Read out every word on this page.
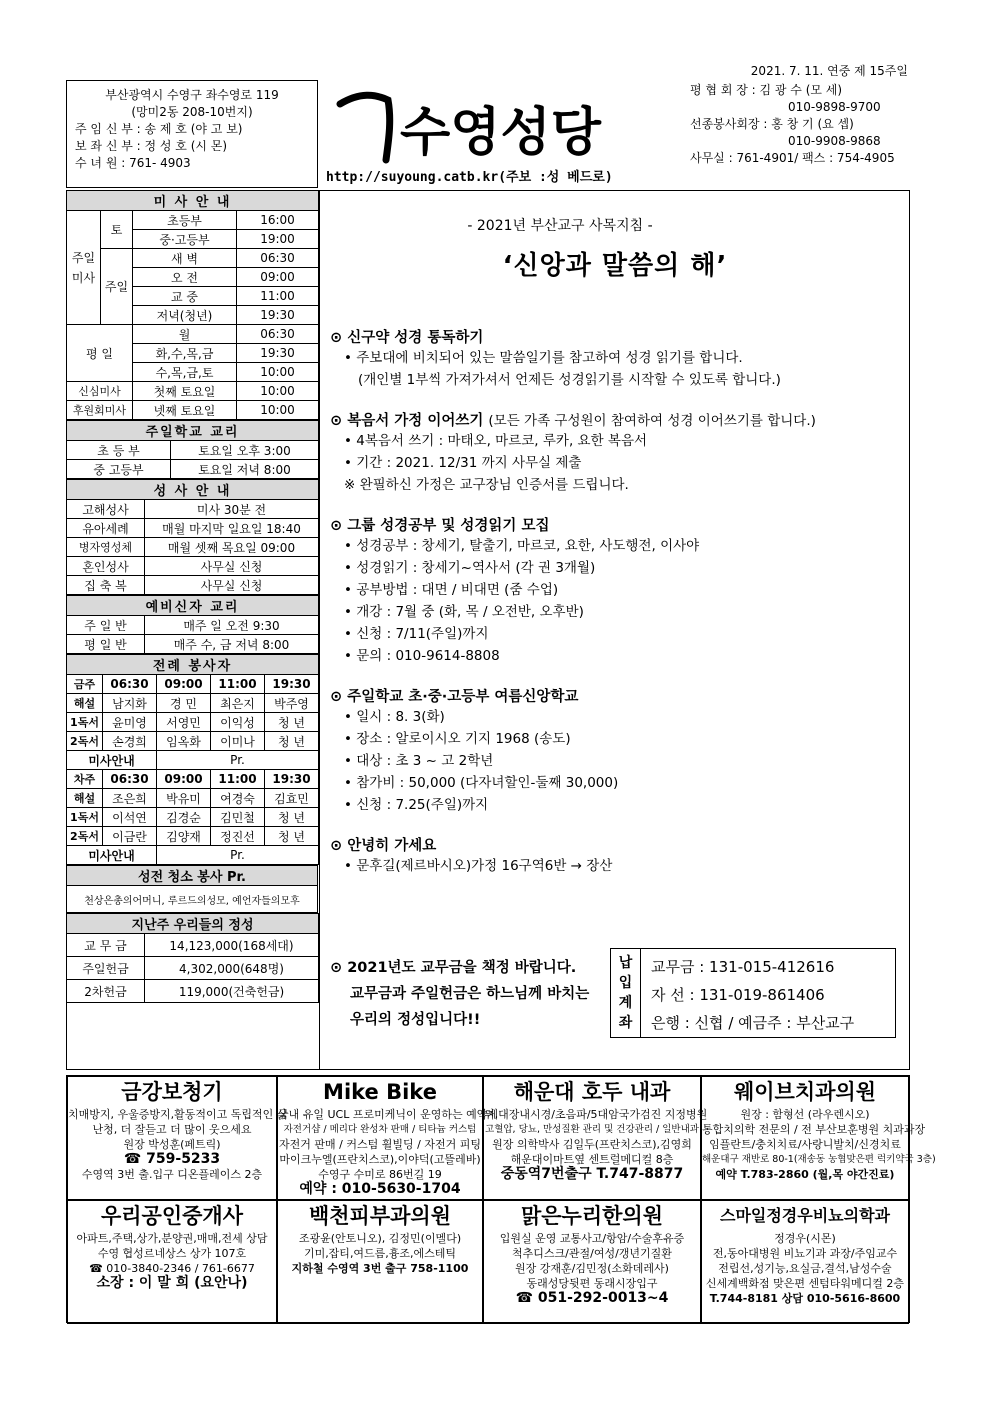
2021. 7. 11. 연중 제 15주일
부산광역시 수영구 좌수영로 119
(망미2동 208-10번지)
주 임 신 부 : 송 제 호 (야 고 보)
보 좌 신 부 : 정 성 호 (시 몬)
수 녀 원 : 761- 4903	수영성당
http://suyoung.catb.kr(주보 :성 베드로)
평 협 회 장 : 김 광 수 (모 세)
010-9898-9700
선종봉사회장 : 홍 창 기 (요 셉)
010-9908-9868
사무실 : 761-4901/ 팩스 : 754-4905
미 사 안 내			
주일미사	토	초등부	16:00
		중·고등부	19:00
	주일	새 벽	06:30
		오 전	09:00
		교 중	11:00
		저녁(청년)	19:30
평 일		월	06:30
		화,수,목,금	19:30
		수,목,금,토	10:00
신심미사		첫째 토요일	10:00
후원회미사		넷째 토요일	10:00
주일학교 교리	
초 등 부	토요일 오후 3:00
중 고등부	토요일 저녁 8:00
성 사 안 내	
고해성사	미사 30분 전
유아세례	매월 마지막 일요일 18:40
병자영성체	매월 셋째 목요일 09:00
혼인성사	사무실 신청
집 축 복	사무실 신청
예비신자 교리	
주 일 반	매주 일 오전 9:30
평 일 반	매주 수, 금 저녁 8:00
전례 봉사자				
금주	06:30	09:00	11:00	19:30
해설	남지화	경 민	최은지	박주영
1독서	윤미영	서영민	이익성	청 년
2독서	손경희	임옥화	이미나	청 년
미사안내		Pr.		
차주	06:30	09:00	11:00	19:30
해설	조은희	박유미	여경숙	김효민
1독서	이석연	김경순	김민철	청 년
2독서	이금란	김양재	정진선	청 년
미사안내		Pr.		
성전 청소 봉사 Pr.
천상은총의어머니, 루르드의성모, 예언자들의모후
지난주 우리들의 정성	
교 무 금	14,123,000(168세대)
주일헌금	4,302,000(648명)
2차헌금	119,000(건축헌금)
- 2021년 부산교구 사목지침 -
‘신앙과 말씀의 해’
⊙ 신구약 성경 통독하기
• 주보대에 비치되어 있는 말씀일기를 참고하여 성경 읽기를 합니다.
(개인별 1부씩 가져가셔서 언제든 성경읽기를 시작할 수 있도록 합니다.)
⊙ 복음서 가정 이어쓰기 (모든 가족 구성원이 참여하여 성경 이어쓰기를 합니다.)
• 4복음서 쓰기 : 마태오, 마르코, 루카, 요한 복음서
• 기간 : 2021. 12/31 까지 사무실 제출
※ 완필하신 가정은 교구장님 인증서를 드립니다.
⊙ 그룹 성경공부 및 성경읽기 모집
• 성경공부 : 창세기, 탈출기, 마르코, 요한, 사도행전, 이사야
• 성경읽기 : 창세기~역사서 (각 권 3개월)
• 공부방법 : 대면 / 비대면 (줌 수업)
• 개강 : 7월 중 (화, 목 / 오전반, 오후반)
• 신청 : 7/11(주일)까지
• 문의 : 010-9614-8808
⊙ 주일학교 초·중·고등부 여름신앙학교
• 일시 : 8. 3(화)
• 장소 : 알로이시오 기지 1968 (송도)
• 대상 : 초 3 ~ 고 2학년
• 참가비 : 50,000 (다자녀할인-둘째 30,000)
• 신청 : 7.25(주일)까지
⊙ 안녕히 가세요
• 문후길(제르바시오)가정 16구역6반 → 장산
⊙ 2021년도 교무금을 책정 바랍니다.
교무금과 주일헌금은 하느님께 바치는
우리의 정성입니다!!
납
입
계
좌
교무금 : 131-015-412616
자 선 : 131-019-861406
은행 : 신협 / 예금주 : 부산교구
금강보청기
치매방지, 우울증방지,활동적이고 독립적인 삶
난청, 더 잘듣고 더 많이 웃으세요
원장 박성훈(페트릭)
☎ 759-5233
수영역 3번 출.입구 디온플레이스 2층
Mike Bike
국내 유일 UCL 프로미케닉이 운영하는 예약제
자전거샵 / 메리다 완성차 판매 / 티타늄 커스텀
자전거 판매 / 커스텀 휠빌딩 / 자전거 피팅
마이크누엘(프란치스코),이야덕(고뜰레바)
수영구 수미로 86번길 19
예약 : 010-5630-1704
해운대 호두 내과
위,대장내시경/초음파/5대암국가검진 지정병원
고혈압, 당뇨, 만성질환 관리 및 건강관리 / 일반내과
원장 의학박사 김일두(프란치스코),김영희
해운대이마트옆 센트럴메디컬 8층
중동역7번출구 T.747-8877
웨이브치과의원
원장 : 함형선 (라우렌시오)
통합치의학 전문의 / 전 부산보훈병원 치과과장
임플란트/충치치료/사랑니발치/신경치료
해운대구 재반로 80-1(재송동 농협맞은편 럭키약국 3층)
예약 T.783-2860 (월,목 야간진료)
우리공인중개사
아파트,주택,상가,분양권,매매,전세 상담
수영 협성르네상스 상가 107호
☎ 010-3840-2346 / 761-6677
소장 : 이 말 희 (요안나)
백천피부과의원
조광윤(안토니오), 김정민(이멜다)
기미,잡티,여드름,흉조,에스테틱
지하철 수영역 3번 출구 758-1100
맑은누리한의원
입원실 운영 교통사고/항암/수술후유증
척추디스크/관절/여성/갱년기질환
원장 강재훈/김민정(소화데레사)
동래성당뒷편 동래시장입구
☎ 051-292-0013~4
스마일정경우비뇨의학과
정경우(시몬)
전,동아대병원 비뇨기과 과장/주임교수
전립선,성기능,요실금,결석,남성수술
신세계백화점 맞은편 센텀타워메디컬 2층
T.744-8181 상담 010-5616-8600
